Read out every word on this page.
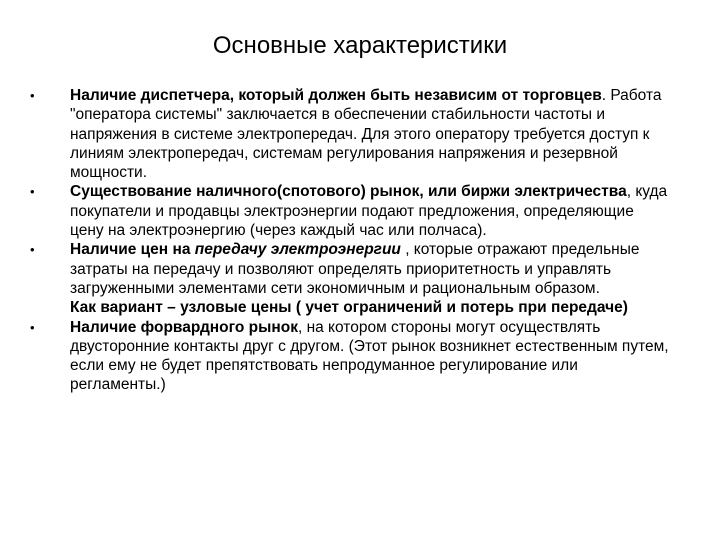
Основные характеристики
•	Наличие диспетчера, который должен быть независим от торговцев. Работа "оператора системы" заключается в обеспечении стабильности частоты и напряжения в системе электропередач. Для этого оператору требуется доступ к линиям электропередач, системам регулирования напряжения и резервной мощности.
•	Существование наличного(спотового) рынок, или биржи электричества, куда покупатели и продавцы электроэнергии подают предложения, определяющие цену на электроэнергию (через каждый час или полчаса).
•	Наличие цен на передачу электроэнергии , которые отражают предельные затраты на передачу и позволяют определять приоритетность и управлять загруженными элементами сети экономичным и рациональным образом.
Как вариант – узловые цены ( учет ограничений и потерь при передаче)
•	Наличие форвардного рынок, на котором стороны могут осуществлять двусторонние контакты друг с другом. (Этот рынок возникнет естественным путем, если ему не будет препятствовать непродуманное регулирование или регламенты.)
